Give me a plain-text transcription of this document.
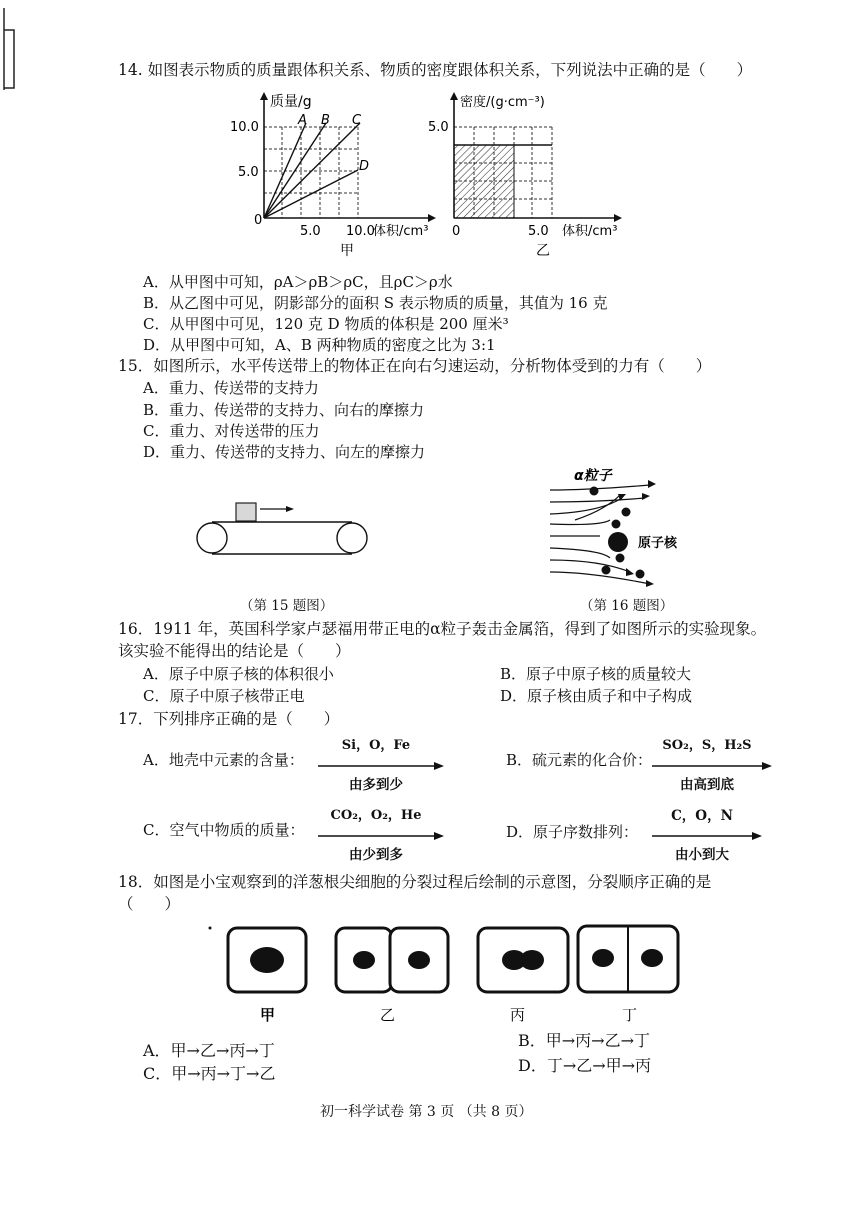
14. 如图表示物质的质量跟体积关系、物质的密度跟体积关系，下列说法中正确的是（　　）
质量/g
10.0
5.0
0
5.0 10.0
体积/cm³
A B C
D
甲
密度/(g·cm⁻³)
5.0
0	5.0 体积/cm³
乙
A．从甲图中可知，ρA＞ρB＞ρC，且ρC＞ρ水
B．从乙图中可见，阴影部分的面积 S 表示物质的质量，其值为 16 克
C．从甲图中可见，120 克 D 物质的体积是 200 厘米³
D．从甲图中可知，A、B 两种物质的密度之比为 3:1
15．如图所示，水平传送带上的物体正在向右匀速运动，分析物体受到的力有（　　）
A．重力、传送带的支持力
B．重力、传送带的支持力、向右的摩擦力
C．重力、对传送带的压力
D．重力、传送带的支持力、向左的摩擦力
α粒子
原子核
（第 15 题图）	（第 16 题图）
16．1911 年，英国科学家卢瑟福用带正电的α粒子轰击金属箔，得到了如图所示的实验现象。
该实验不能得出的结论是（　　）
A．原子中原子核的体积很小	B．原子中原子核的质量较大
C．原子中原子核带正电	D．原子核由质子和中子构成
17．下列排序正确的是（　　）
A．地壳中元素的含量：
Si，O，Fe
由多到少
B．硫元素的化合价：
SO₂，S，H₂S
由高到底
C．空气中物质的质量：
CO₂，O₂，He
由少到多
D．原子序数排列：
C，O，N
由小到大
18．如图是小宝观察到的洋葱根尖细胞的分裂过程后绘制的示意图，分裂顺序正确的是
（　　）
甲	乙	丙	丁
A．甲→乙→丙→丁
B．甲→丙→乙→丁
C．甲→丙→丁→乙	D．丁→乙→甲→丙
初一科学试卷 第 3 页 （共 8 页）
